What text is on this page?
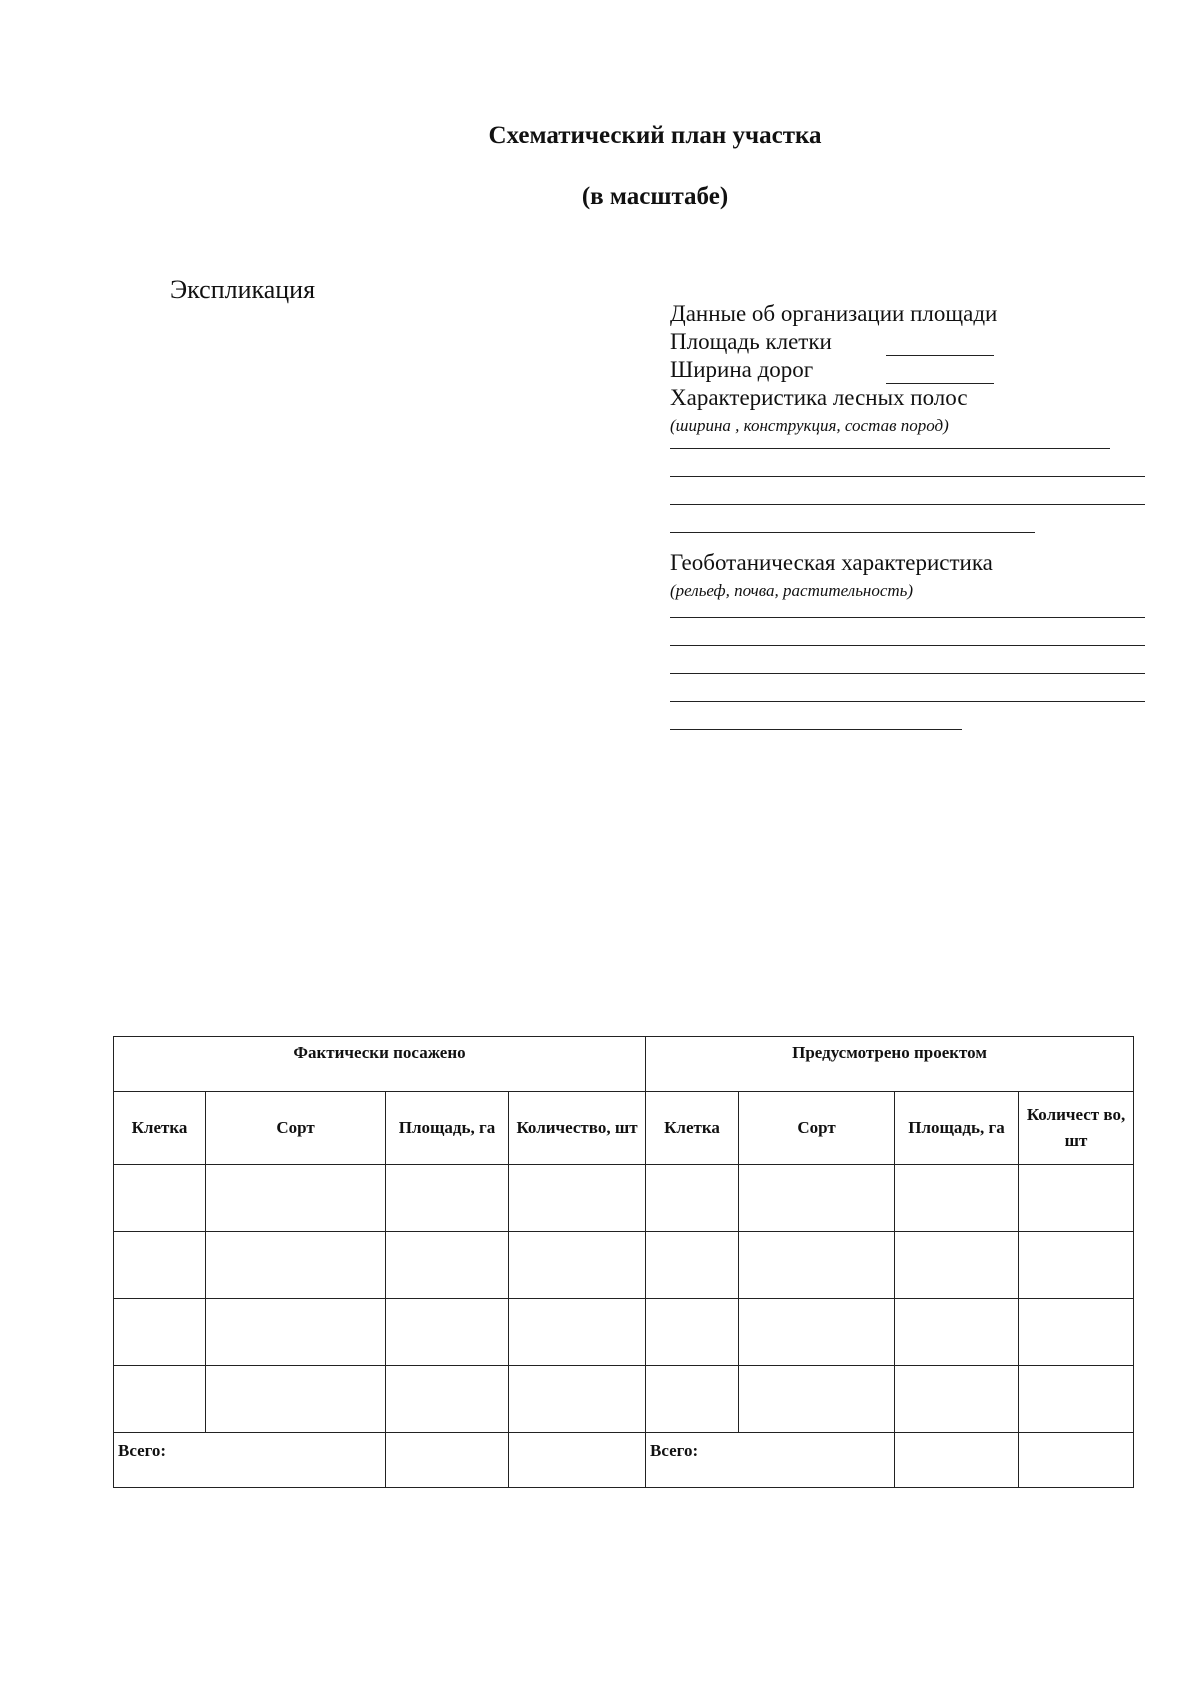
Схематический план участка
(в масштабе)
Экспликация
Данные об организации площади
Площадь клетки
Ширина дорог
Характеристика лесных полос
(ширина , конструкция, состав пород)
Геоботаническая характеристика
(рельеф, почва, растительность)
Фактически посажено				Предусмотрено проектом			
Клетка	Сорт	Площадь, га	Количество, шт	Клетка	Сорт	Площадь, га	Количест во, шт

Всего:				Всего:			
